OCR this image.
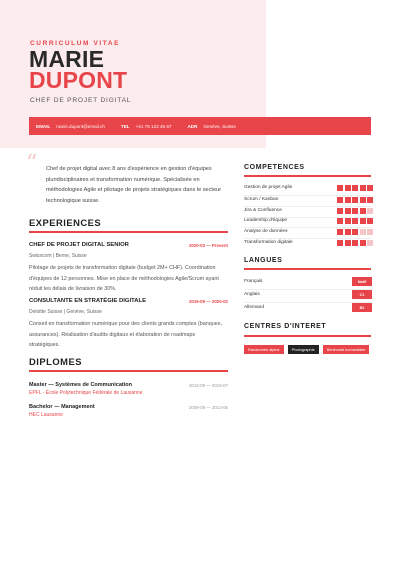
CURRICULUM VITAE
MARIE
DUPONT
CHEF DE PROJET DIGITAL
EMAIL marie.dupont@email.ch	TEL +41 78 123 45 67	ADR Genève, Suisse
“ Chef de projet digital avec 8 ans d'expérience en gestion d'équipes pluridisciplinaires et transformation numérique. Spécialisée en méthodologies Agile et pilotage de projets stratégiques dans le secteur technologique suisse.
EXPERIENCES
CHEF DE PROJET DIGITAL SENIOR	2020-03 — Present
Swisscom | Berne, Suisse
Pilotage de projets de transformation digitale (budget 2M+ CHF). Coordination d'équipes de 12 personnes. Mise en place de méthodologies Agile/Scrum ayant réduit les délais de livraison de 30%.
CONSULTANTE EN STRATÉGIE DIGITALE	2016-09 — 2020-02
Deloitte Suisse | Genève, Suisse
Conseil en transformation numérique pour des clients grands comptes (banques, assurances). Réalisation d'audits digitaux et élaboration de roadmaps stratégiques.
DIPLOMES
Master — Systèmes de Communication	2013-09 — 2015-07
EPFL - École Polytechnique Fédérale de Lausanne
Bachelor — Management	2009-09 — 2013-06
HEC Lausanne
COMPETENCES
Gestion de projet Agile
Scrum / Kanban
Jira & Confluence
Leadership d'équipe
Analyse de données
Transformation digitale
LANGUES
Français	Natif
Anglais	C1
Allemand	B2
CENTRES D'INTERET
Randonnée alpine	Photographie	Bénévolat humanitaire
